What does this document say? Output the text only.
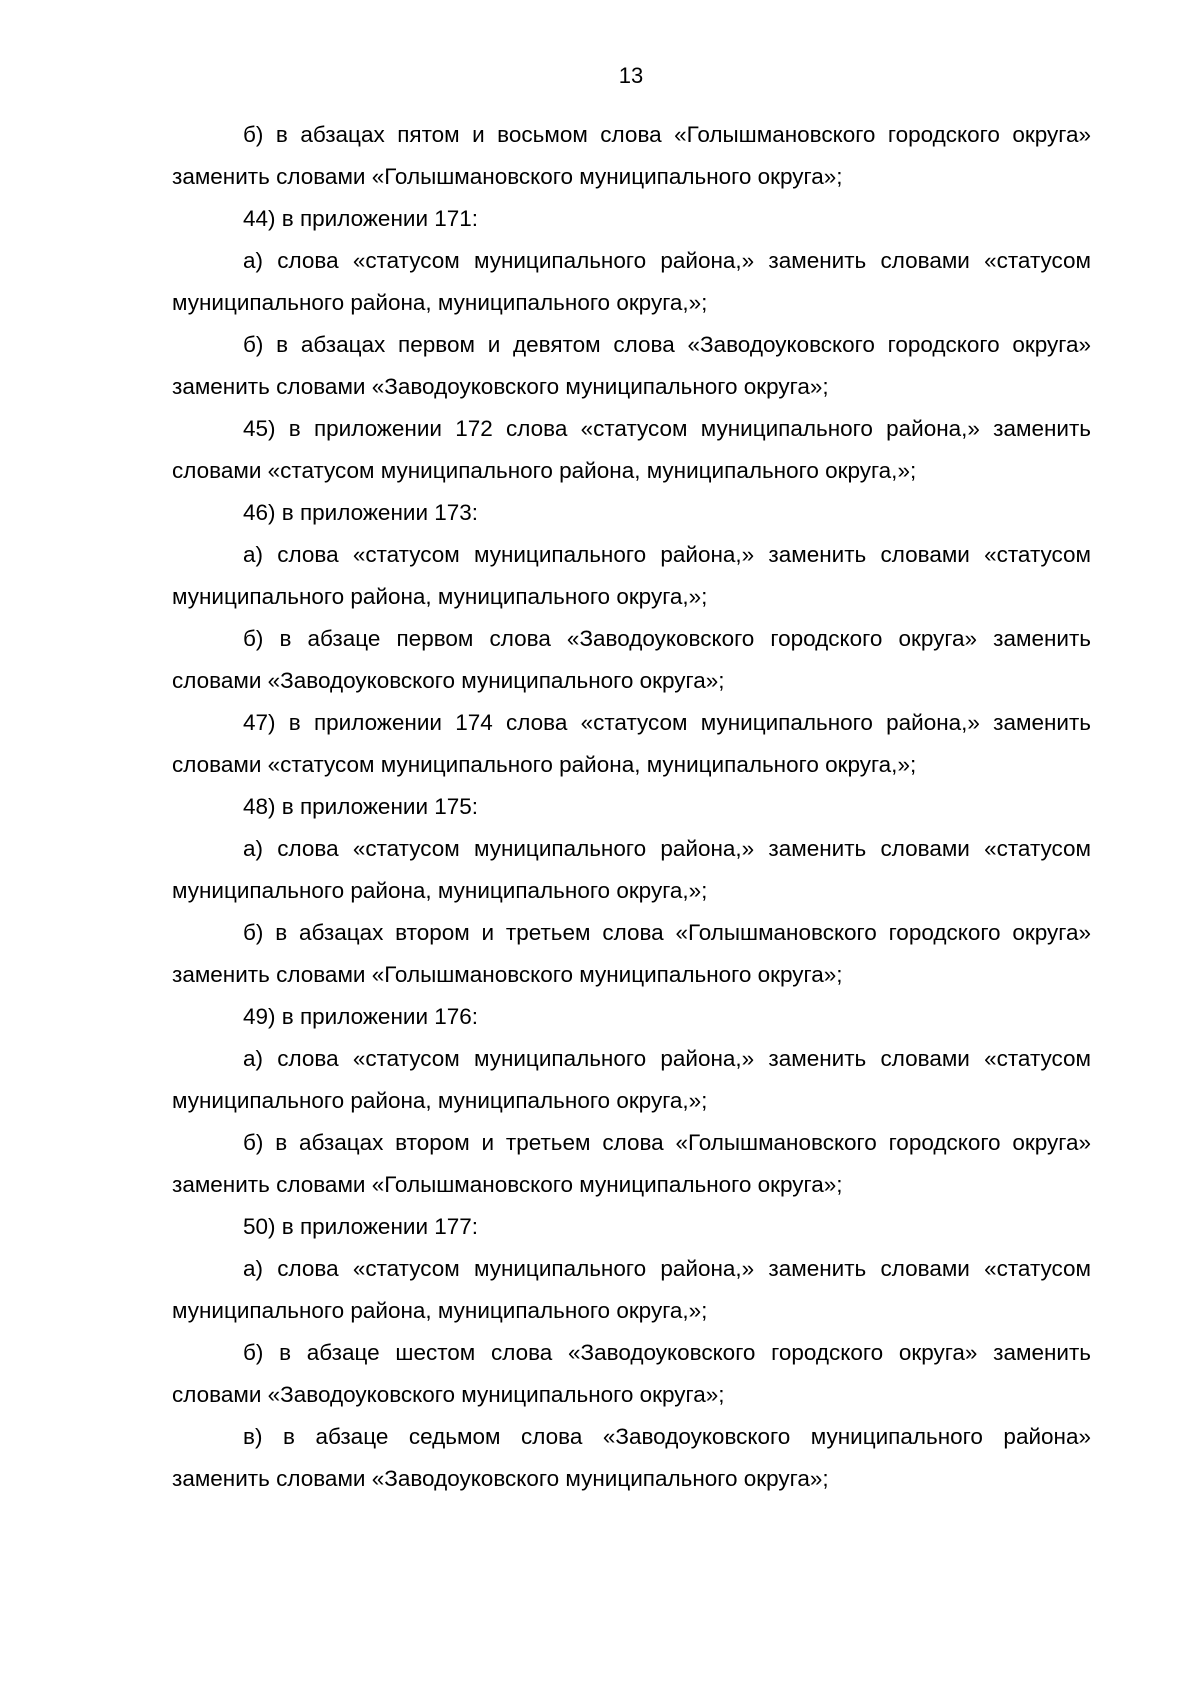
13

б) в абзацах пятом и восьмом слова «Голышмановского городского округа» заменить словами «Голышмановского муниципального округа»;

44) в приложении 171:

а) слова «статусом муниципального района,» заменить словами «статусом муниципального района, муниципального округа,»;

б) в абзацах первом и девятом слова «Заводоуковского городского округа» заменить словами «Заводоуковского муниципального округа»;

45) в приложении 172 слова «статусом муниципального района,» заменить словами «статусом муниципального района, муниципального округа,»;

46) в приложении 173:

а) слова «статусом муниципального района,» заменить словами «статусом муниципального района, муниципального округа,»;

б) в абзаце первом слова «Заводоуковского городского округа» заменить словами «Заводоуковского муниципального округа»;

47) в приложении 174 слова «статусом муниципального района,» заменить словами «статусом муниципального района, муниципального округа,»;

48) в приложении 175:

а) слова «статусом муниципального района,» заменить словами «статусом муниципального района, муниципального округа,»;

б) в абзацах втором и третьем слова «Голышмановского городского округа» заменить словами «Голышмановского муниципального округа»;

49) в приложении 176:

а) слова «статусом муниципального района,» заменить словами «статусом муниципального района, муниципального округа,»;

б) в абзацах втором и третьем слова «Голышмановского городского округа» заменить словами «Голышмановского муниципального округа»;

50) в приложении 177:

а) слова «статусом муниципального района,» заменить словами «статусом муниципального района, муниципального округа,»;

б) в абзаце шестом слова «Заводоуковского городского округа» заменить словами «Заводоуковского муниципального округа»;

в) в абзаце седьмом слова «Заводоуковского муниципального района» заменить словами «Заводоуковского муниципального округа»;
